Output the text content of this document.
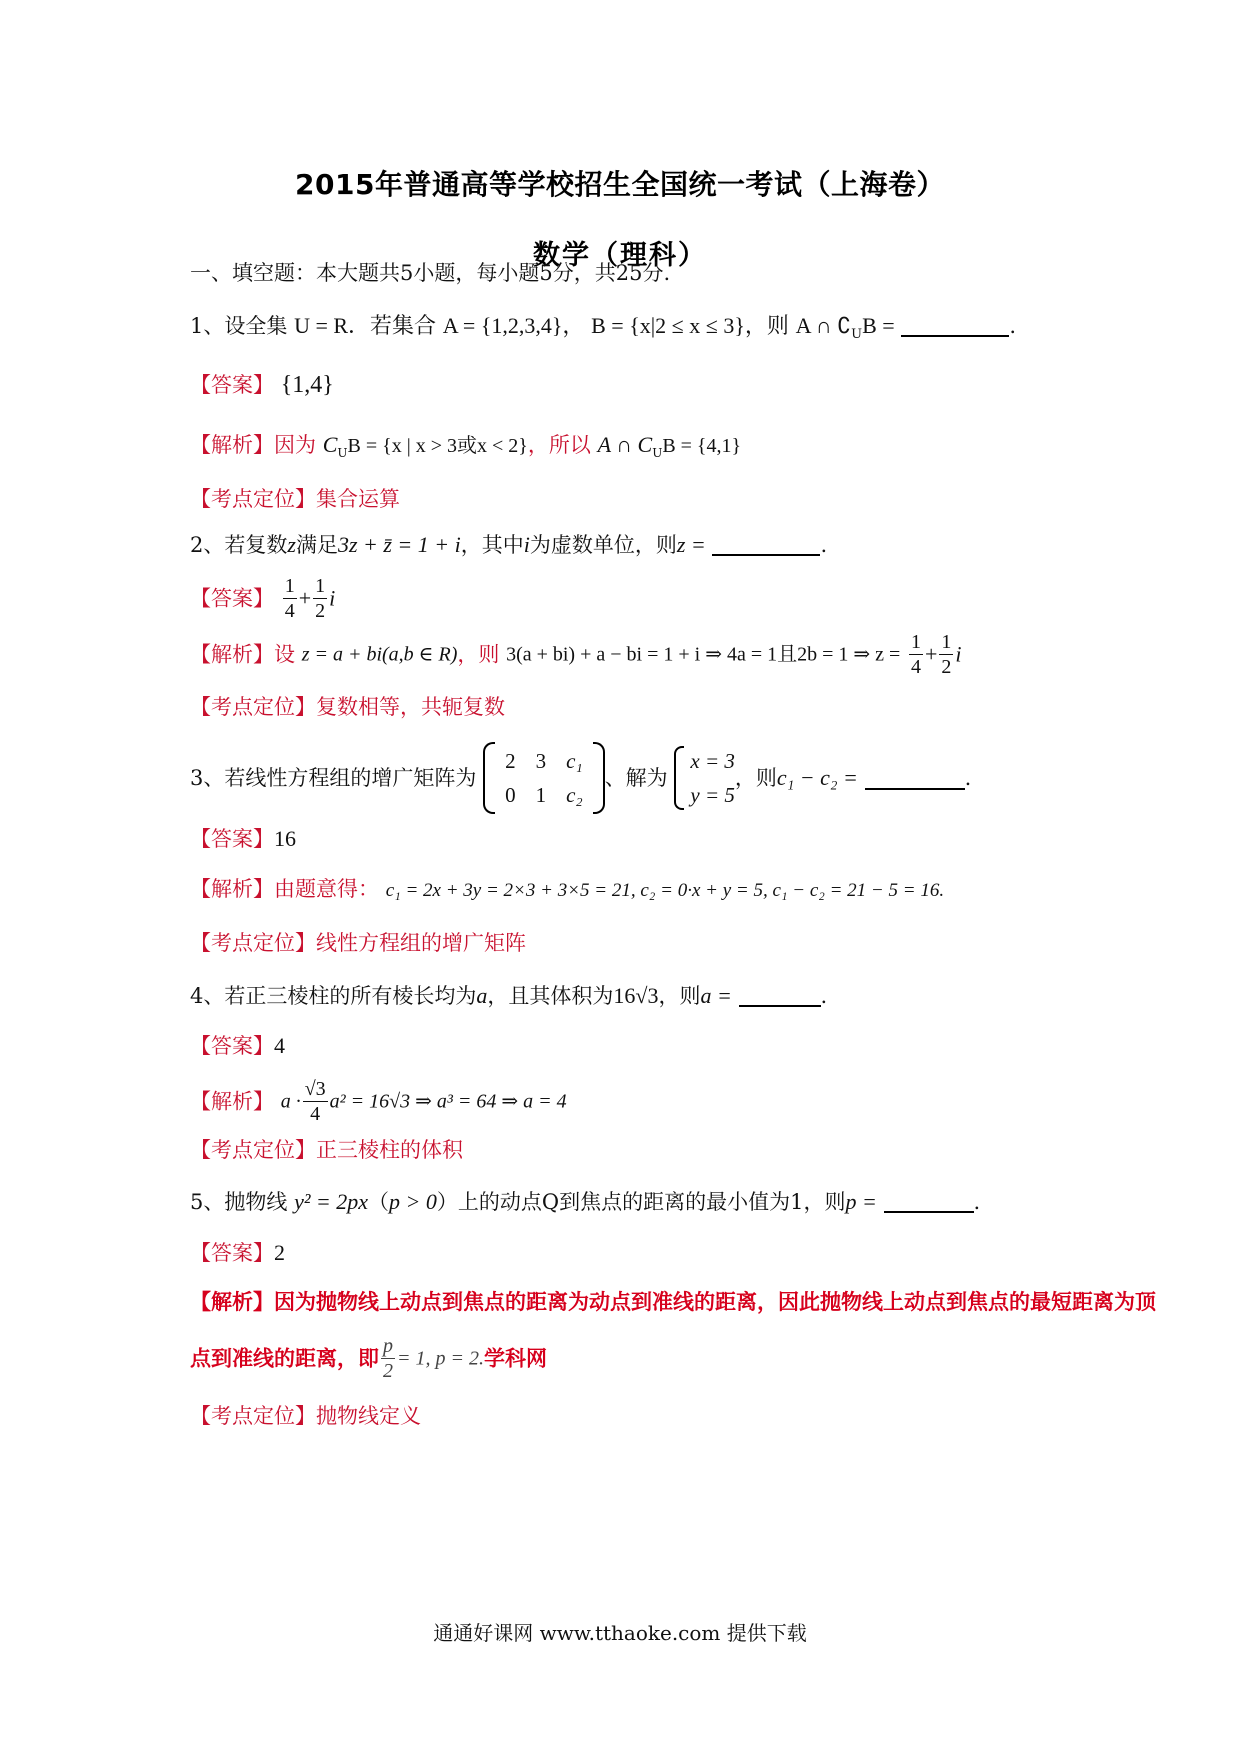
2015年普通高等学校招生全国统一考试（上海卷）
数学（理科）
一、填空题：本大题共5小题，每小题5分，共25分.
1、设全集 U = R．若集合 A = {1,2,3,4}， B = {x|2 ≤ x ≤ 3}，则 A ∩ $∁_UB$ =	.
【答案】 {1,4}
【解析】因为 $C_UB = \{x$ | x > 3或x < 2}，所以 A ∩ $C_UB = \{4,1\}$
【考点定位】集合运算
2、若复数z满足3z + z̄ = 1 + i，其中i为虚数单位，则z =	.
【答案】 $\frac{1}{4} + \frac{1}{2}$ i
【解析】设 z = a + bi(a,b ∈ R)，则 3(a + bi) + a − bi = 1 + i ⇒ 4a = 1且2b = 1 ⇒ $z = \frac{1}{4} + \frac{1}{2}$ i
【考点定位】复数相等，共轭复数
3、若线性方程组的增广矩阵为
2	3	c₁
0	1	c₂
、解为
x = 3
y = 5
，则c₁ − c₂ =	.
【答案】16
【解析】由题意得： c₁ = 2x + 3y = 2×3 + 3×5 = 21, c₂ = 0·x + y = 5, c₁ − c₂ = 21 − 5 = 16.
【考点定位】线性方程组的增广矩阵
4、若正三棱柱的所有棱长均为a，且其体积为16√3，则a =	.
【答案】4
【解析】 $a \cdot \frac{√3}{4} a^2 = 16√3$ ⇒ a³ = 64 ⇒ a = 4
【考点定位】正三棱柱的体积
5、抛物线 y² = 2px（p > 0）上的动点Q到焦点的距离的最小值为1，则p =	.
【答案】2
【解析】因为抛物线上动点到焦点的距离为动点到准线的距离，因此抛物线上动点到焦点的最短距离为顶
点到准线的距离，即 $\frac{p}{2} = 1$, p = 2.学科网
【考点定位】抛物线定义
通通好课网 www.tthaoke.com 提供下载
